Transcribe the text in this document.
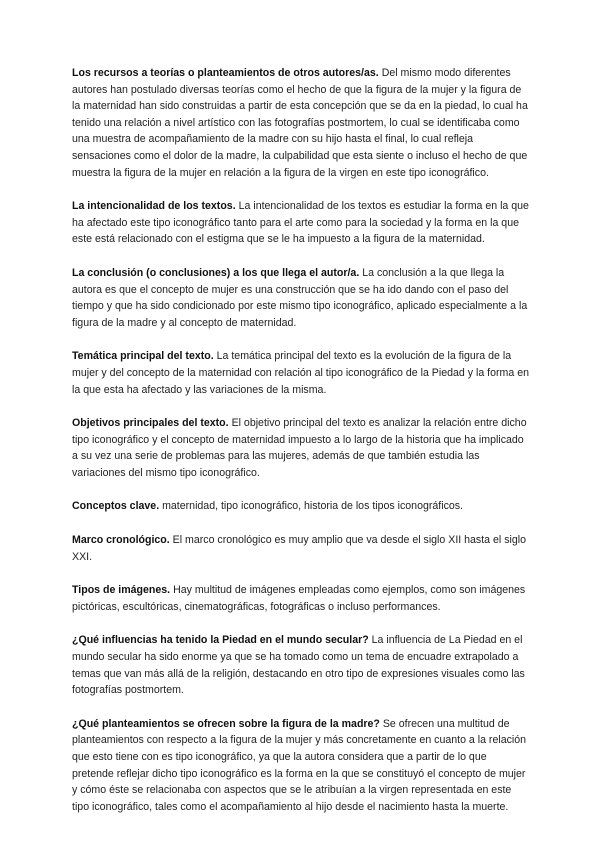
Los recursos a teorías o planteamientos de otros autores/as. Del mismo modo diferentes autores han postulado diversas teorías como el hecho de que la figura de la mujer y la figura de la maternidad han sido construidas a partir de esta concepción que se da en la piedad, lo cual ha tenido una relación a nivel artístico con las fotografías postmortem, lo cual se identificaba como una muestra de acompañamiento de la madre con su hijo hasta el final, lo cual refleja sensaciones como el dolor de la madre, la culpabilidad que esta siente o incluso el hecho de que muestra la figura de la mujer en relación a la figura de la virgen en este tipo iconográfico.

La intencionalidad de los textos. La intencionalidad de los textos es estudiar la forma en la que ha afectado este tipo iconográfico tanto para el arte como para la sociedad y la forma en la que este está relacionado con el estigma que se le ha impuesto a la figura de la maternidad.

La conclusión (o conclusiones) a los que llega el autor/a. La conclusión a la que llega la autora es que el concepto de mujer es una construcción que se ha ido dando con el paso del tiempo y que ha sido condicionado por este mismo tipo iconográfico, aplicado especialmente a la figura de la madre y al concepto de maternidad.

Temática principal del texto. La temática principal del texto es la evolución de la figura de la mujer y del concepto de la maternidad con relación al tipo iconográfico de la Piedad y la forma en la que esta ha afectado y las variaciones de la misma.

Objetivos principales del texto. El objetivo principal del texto es analizar la relación entre dicho tipo iconográfico y el concepto de maternidad impuesto a lo largo de la historia que ha implicado a su vez una serie de problemas para las mujeres, además de que también estudia las variaciones del mismo tipo iconográfico.

Conceptos clave. maternidad, tipo iconográfico, historia de los tipos iconográficos.

Marco cronológico. El marco cronológico es muy amplio que va desde el siglo XII hasta el siglo XXI.

Tipos de imágenes. Hay multitud de imágenes empleadas como ejemplos, como son imágenes pictóricas, escultóricas, cinematográficas, fotográficas o incluso performances.

¿Qué influencias ha tenido la Piedad en el mundo secular? La influencia de La Piedad en el mundo secular ha sido enorme ya que se ha tomado como un tema de encuadre extrapolado a temas que van más allá de la religión, destacando en otro tipo de expresiones visuales como las fotografías postmortem.

¿Qué planteamientos se ofrecen sobre la figura de la madre? Se ofrecen una multitud de planteamientos con respecto a la figura de la mujer y más concretamente en cuanto a la relación que esto tiene con es tipo iconográfico, ya que la autora considera que a partir de lo que pretende reflejar dicho tipo iconográfico es la forma en la que se constituyó el concepto de mujer y cómo éste se relacionaba con aspectos que se le atribuían a la virgen representada en este tipo iconográfico, tales como el acompañamiento al hijo desde el nacimiento hasta la muerte.
